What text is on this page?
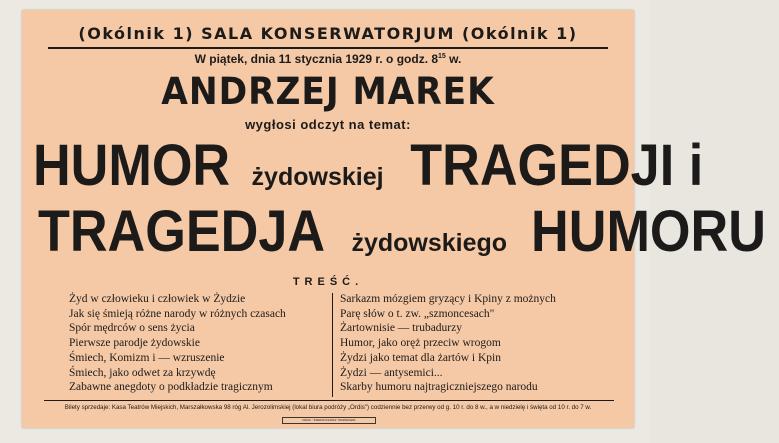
(Okólnik 1) SALA KONSERWATORJUM (Okólnik 1)
W piątek, dnia 11 stycznia 1929 r. o godz. $8^{15}$ w.
ANDRZEJ MAREK
wygłosi odczyt na temat:
HUMOR żydowskiej TRAGEDJI i
TRAGEDJA żydowskiego HUMORU
TREŚĆ.
Żyd w człowieku i człowiek w Żydzie
Jak się śmieją różne narody w różnych czasach
Spór mędrców o sens życia
Pierwsze parodje żydowskie
Śmiech, Komizm i — wzruszenie
Śmiech, jako odwet za krzywdę
Zabawne anegdoty o podkładzie tragicznym
Sarkazm mózgiem gryzący i Kpiny z możnych
Parę słów o t. zw. „szmoncesach"
Żartownisie — trubadurzy
Humor, jako oręż przeciw wrogom
Żydzi jako temat dla żartów i Kpin
Żydzi — antysemici...
Skarby humoru najtragiczniejszego narodu
Bilety sprzedaje: Kasa Teatrów Miejskich, Marszałkowska 98 róg Al. Jerozolimskiej (lokal biura podróży „Ordis") codziennie bez przerwy od g. 10 r. do 8 w., a w niedzielę i święta od 10 r. do 7 w.
DRUK. "ZJEDNOCZONA" WARSZAWA
